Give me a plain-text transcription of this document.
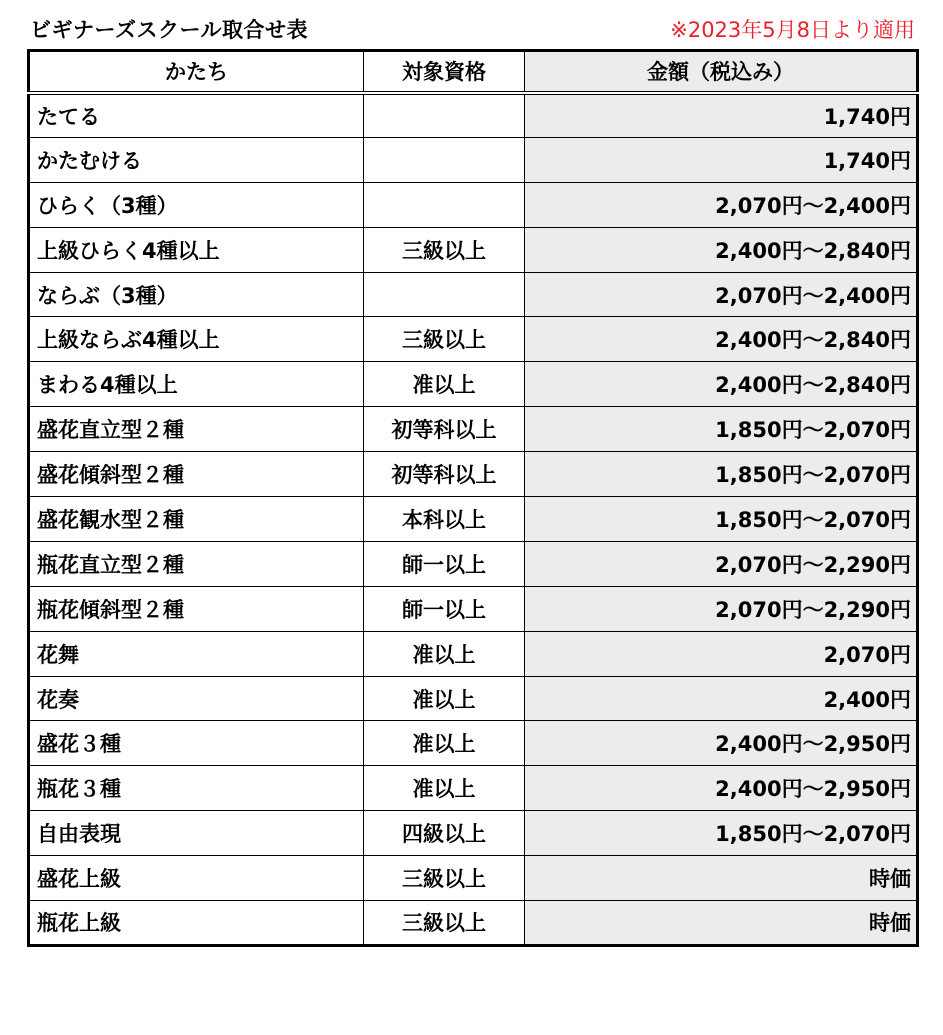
ビギナーズスクール取合せ表	※2023年5月8日より適用
かたち	対象資格	金額（税込み）
たてる		1,740円
かたむける		1,740円
ひらく（3種）		2,070円〜2,400円
上級ひらく4種以上	三級以上	2,400円〜2,840円
ならぶ（3種）		2,070円〜2,400円
上級ならぶ4種以上	三級以上	2,400円〜2,840円
まわる4種以上	准以上	2,400円〜2,840円
盛花直立型２種	初等科以上	1,850円〜2,070円
盛花傾斜型２種	初等科以上	1,850円〜2,070円
盛花観水型２種	本科以上	1,850円〜2,070円
瓶花直立型２種	師一以上	2,070円〜2,290円
瓶花傾斜型２種	師一以上	2,070円〜2,290円
花舞	准以上	2,070円
花奏	准以上	2,400円
盛花３種	准以上	2,400円〜2,950円
瓶花３種	准以上	2,400円〜2,950円
自由表現	四級以上	1,850円〜2,070円
盛花上級	三級以上	時価
瓶花上級	三級以上	時価
